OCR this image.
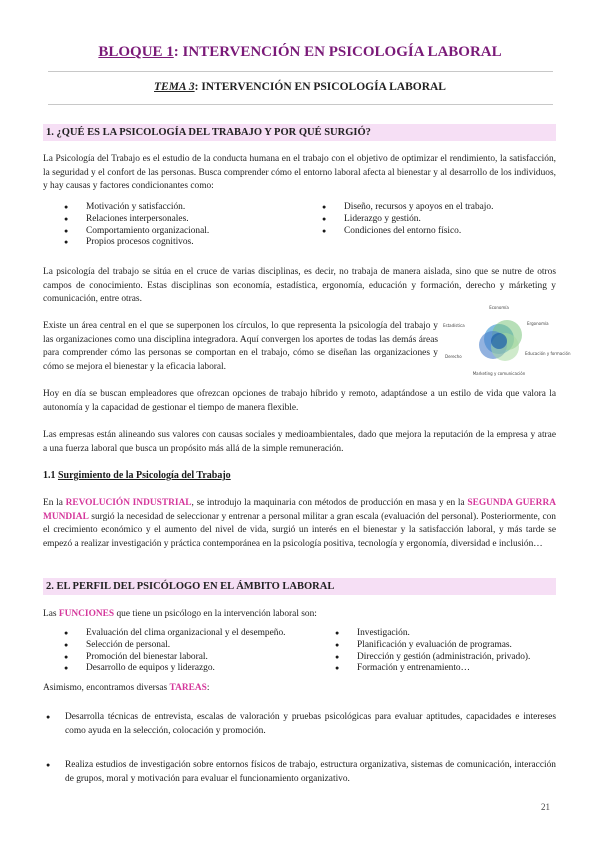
BLOQUE 1: INTERVENCIÓN EN PSICOLOGÍA LABORAL
TEMA 3: INTERVENCIÓN EN PSICOLOGÍA LABORAL
1. ¿QUÉ ES LA PSICOLOGÍA DEL TRABAJO Y POR QUÉ SURGIÓ?
La Psicología del Trabajo es el estudio de la conducta humana en el trabajo con el objetivo de optimizar el rendimiento, la satisfacción, la seguridad y el confort de las personas. Busca comprender cómo el entorno laboral afecta al bienestar y al desarrollo de los individuos, y hay causas y factores condicionantes como:
● Motivación y satisfacción.
● Relaciones interpersonales.
● Comportamiento organizacional.
● Propios procesos cognitivos.
● Diseño, recursos y apoyos en el trabajo.
● Liderazgo y gestión.
● Condiciones del entorno físico.
La psicología del trabajo se sitúa en el cruce de varias disciplinas, es decir, no trabaja de manera aislada, sino que se nutre de otros campos de conocimiento. Estas disciplinas son economía, estadística, ergonomía, educación y formación, derecho y márketing y comunicación, entre otras.
Existe un área central en el que se superponen los círculos, lo que representa la psicología del trabajo y las organizaciones como una disciplina integradora. Aquí convergen los aportes de todas las demás áreas para comprender cómo las personas se comportan en el trabajo, cómo se diseñan las organizaciones y cómo se mejora el bienestar y la eficacia laboral.
Economía
Estadística	Ergonomía
Derecho
Educación y formación
Marketing y comunicación
Hoy en día se buscan empleadores que ofrezcan opciones de trabajo híbrido y remoto, adaptándose a un estilo de vida que valora la autonomía y la capacidad de gestionar el tiempo de manera flexible.
Las empresas están alineando sus valores con causas sociales y medioambientales, dado que mejora la reputación de la empresa y atrae a una fuerza laboral que busca un propósito más allá de la simple remuneración.
1.1 Surgimiento de la Psicología del Trabajo
En la REVOLUCIÓN INDUSTRIAL, se introdujo la maquinaria con métodos de producción en masa y en la SEGUNDA GUERRA MUNDIAL surgió la necesidad de seleccionar y entrenar a personal militar a gran escala (evaluación del personal). Posteriormente, con el crecimiento económico y el aumento del nivel de vida, surgió un interés en el bienestar y la satisfacción laboral, y más tarde se empezó a realizar investigación y práctica contemporánea en la psicología positiva, tecnología y ergonomía, diversidad e inclusión…
2. EL PERFIL DEL PSICÓLOGO EN EL ÁMBITO LABORAL
Las FUNCIONES que tiene un psicólogo en la intervención laboral son:
● Evaluación del clima organizacional y el desempeño.
● Selección de personal.
● Promoción del bienestar laboral.
● Desarrollo de equipos y liderazgo.
● Investigación.
● Planificación y evaluación de programas.
● Dirección y gestión (administración, privado).
● Formación y entrenamiento…
Asimismo, encontramos diversas TAREAS:
● Desarrolla técnicas de entrevista, escalas de valoración y pruebas psicológicas para evaluar aptitudes, capacidades e intereses como ayuda en la selección, colocación y promoción.
● Realiza estudios de investigación sobre entornos físicos de trabajo, estructura organizativa, sistemas de comunicación, interacción de grupos, moral y motivación para evaluar el funcionamiento organizativo.
21
